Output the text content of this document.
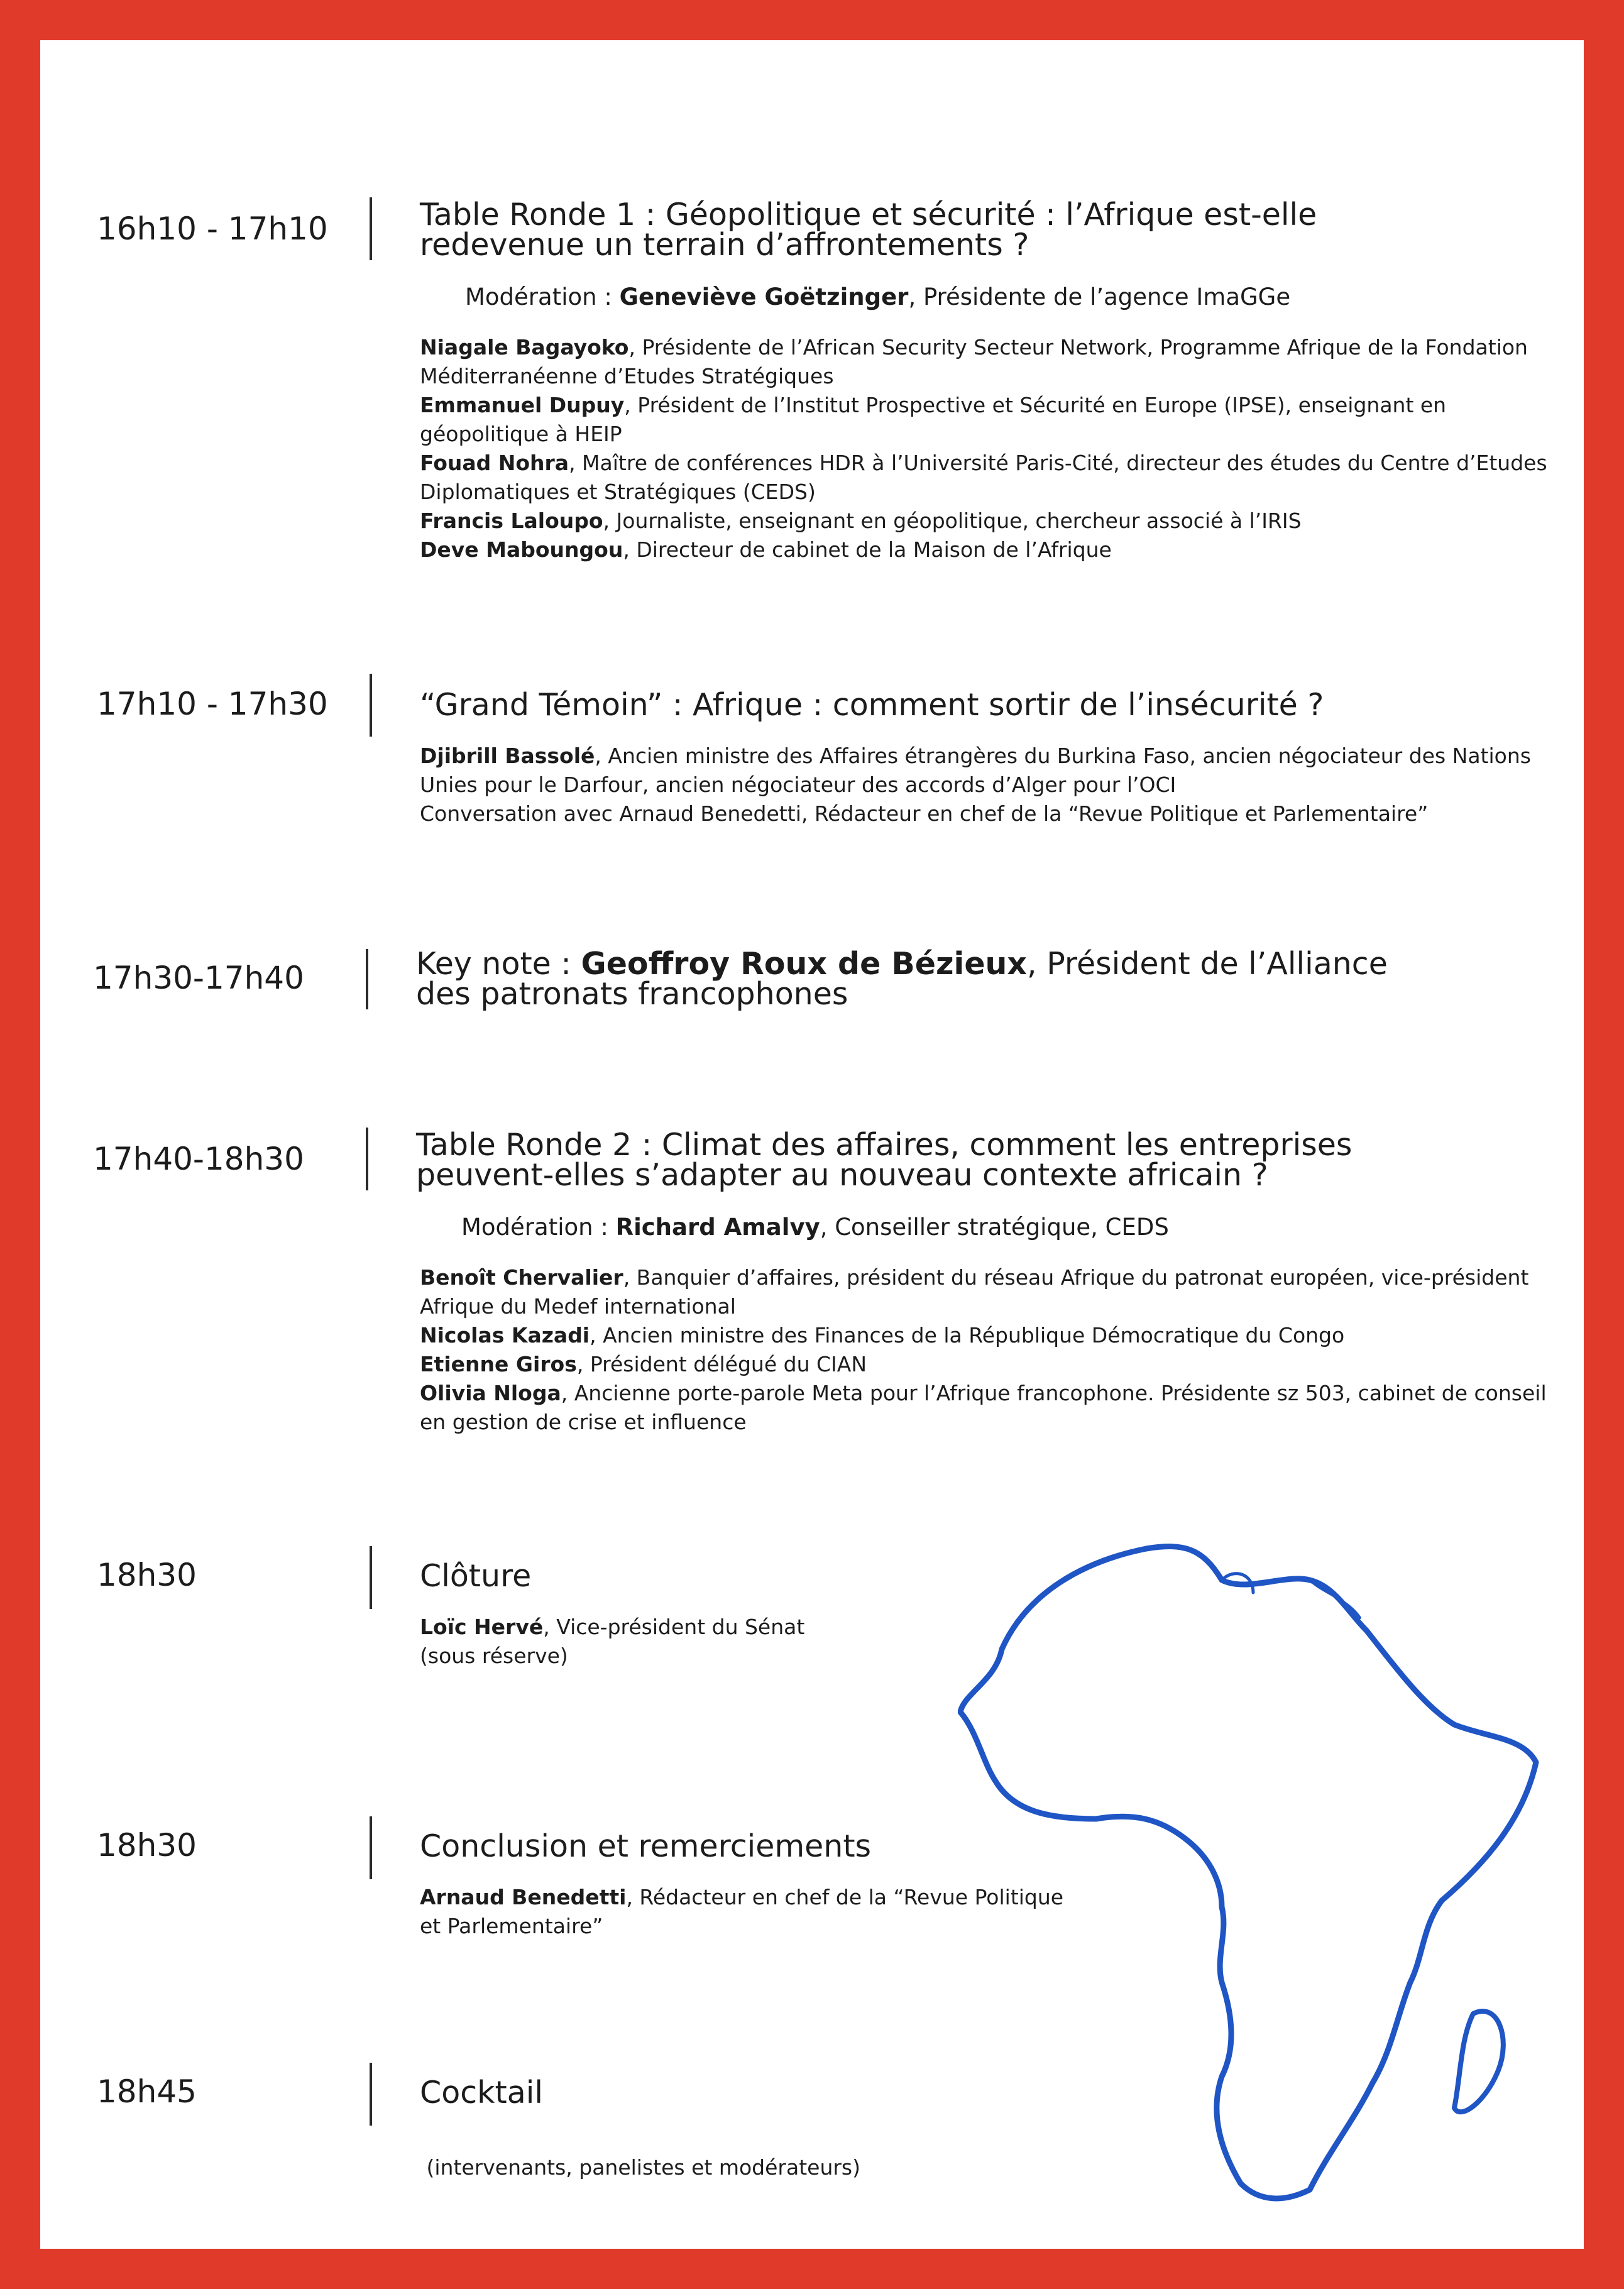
16h10 - 17h10	Table Ronde 1 : Géopolitique et sécurité : l’Afrique est-elle redevenue un terrain d’affrontements ?
Modération : Geneviève Goëtzinger, Présidente de l’agence ImaGGe
Niagale Bagayoko, Présidente de l’African Security Secteur Network, Programme Afrique de la Fondation Méditerranéenne d’Etudes Stratégiques
Emmanuel Dupuy, Président de l’Institut Prospective et Sécurité en Europe (IPSE), enseignant en géopolitique à HEIP
Fouad Nohra, Maître de conférences HDR à l’Université Paris-Cité, directeur des études du Centre d’Etudes Diplomatiques et Stratégiques (CEDS)
Francis Laloupo, Journaliste, enseignant en géopolitique, chercheur associé à l’IRIS
Deve Maboungou, Directeur de cabinet de la Maison de l’Afrique
17h10 - 17h30	“Grand Témoin” : Afrique : comment sortir de l’insécurité ?
Djibrill Bassolé, Ancien ministre des Affaires étrangères du Burkina Faso, ancien négociateur des Nations Unies pour le Darfour, ancien négociateur des accords d’Alger pour l’OCI
Conversation avec Arnaud Benedetti, Rédacteur en chef de la “Revue Politique et Parlementaire”
17h30-17h40	Key note : Geoffroy Roux de Bézieux, Président de l’Alliance des patronats francophones
17h40-18h30	Table Ronde 2 : Climat des affaires, comment les entreprises peuvent-elles s’adapter au nouveau contexte africain ?
Modération : Richard Amalvy, Conseiller stratégique, CEDS
Benoît Chervalier, Banquier d’affaires, président du réseau Afrique du patronat européen, vice-président Afrique du Medef international
Nicolas Kazadi, Ancien ministre des Finances de la République Démocratique du Congo
Etienne Giros, Président délégué du CIAN
Olivia Nloga, Ancienne porte-parole Meta pour l’Afrique francophone. Présidente sz 503, cabinet de conseil en gestion de crise et influence
18h30	Clôture
Loïc Hervé, Vice-président du Sénat
(sous réserve)
18h30	Conclusion et remerciements
Arnaud Benedetti, Rédacteur en chef de la “Revue Politique et Parlementaire”
18h45	Cocktail

(intervenants, panelistes et modérateurs)
